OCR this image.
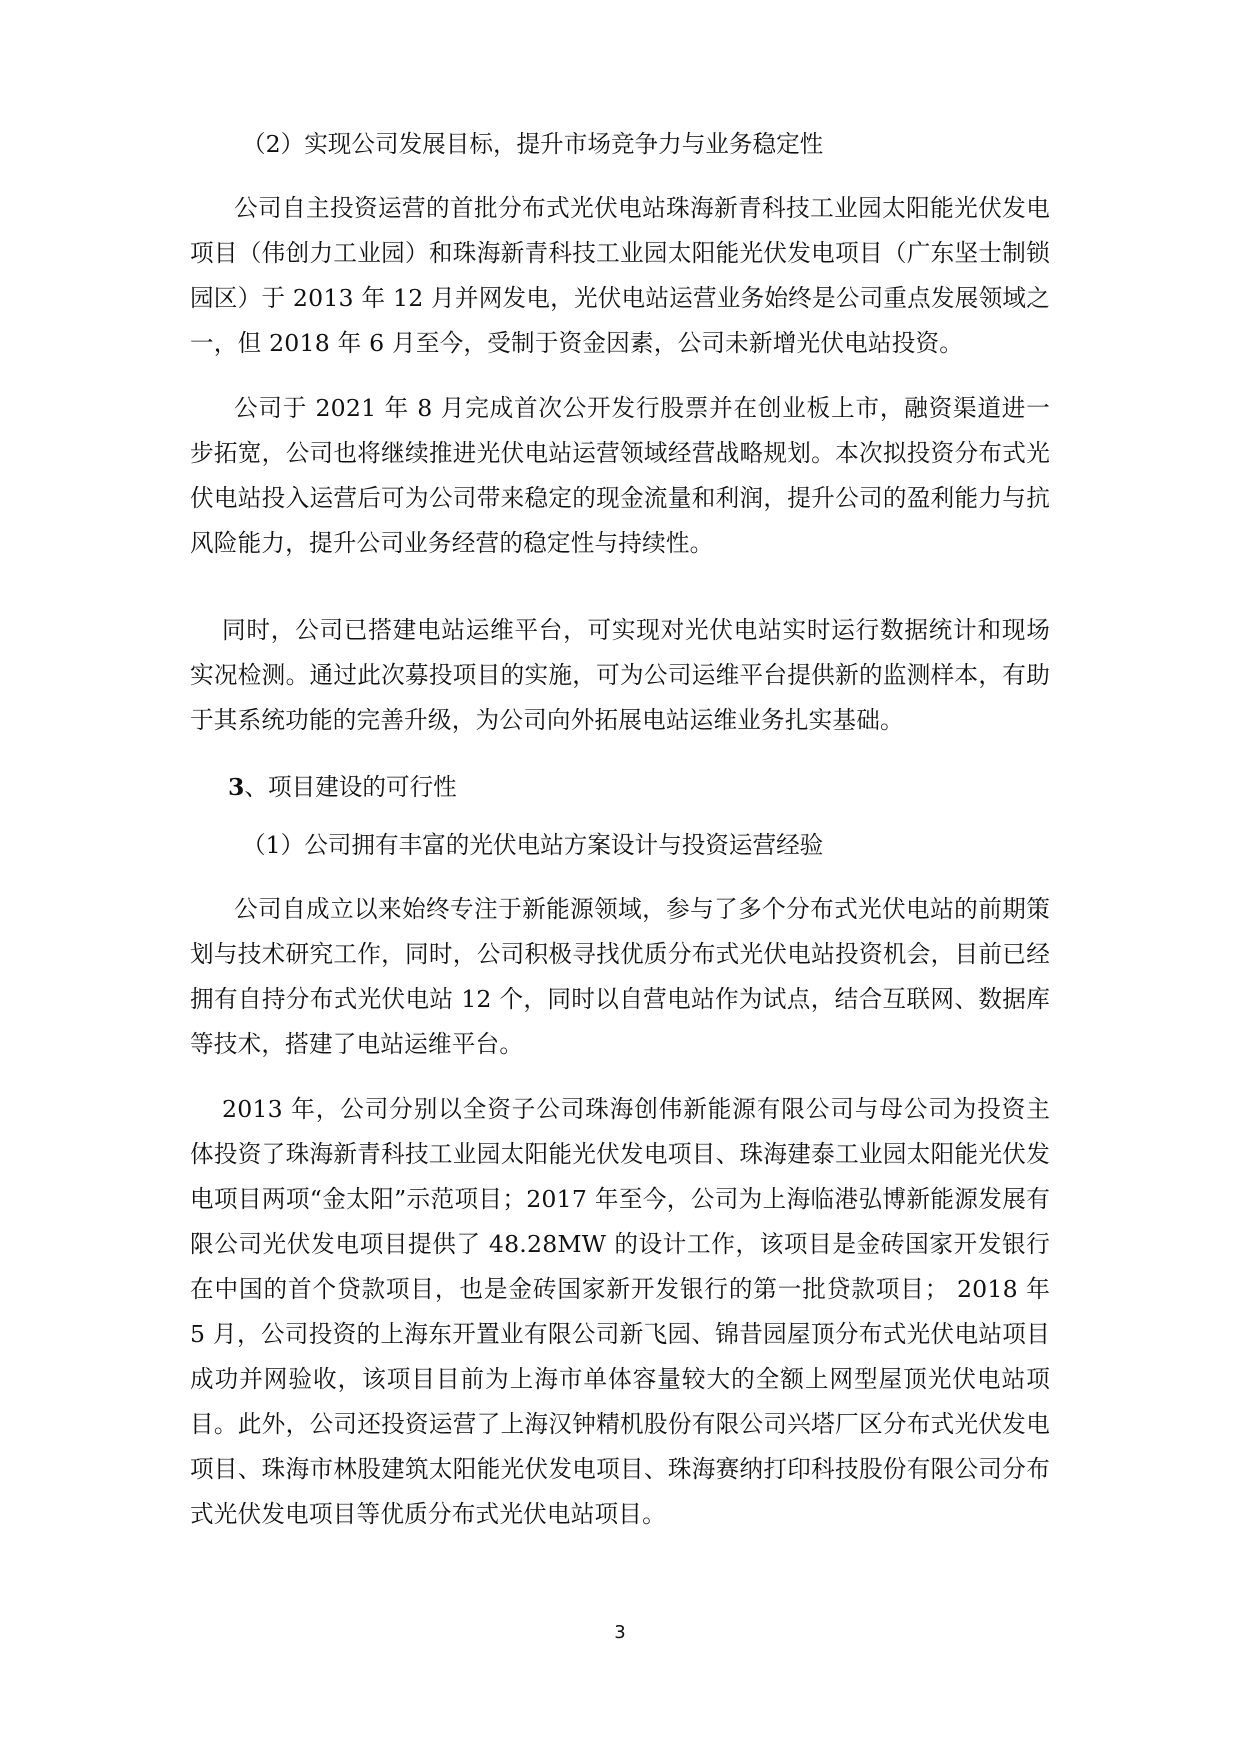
（2）实现公司发展目标，提升市场竞争力与业务稳定性

公司自主投资运营的首批分布式光伏电站珠海新青科技工业园太阳能光伏发电项目（伟创力工业园）和珠海新青科技工业园太阳能光伏发电项目（广东坚士制锁园区）于 2013 年 12 月并网发电，光伏电站运营业务始终是公司重点发展领域之一，但 2018 年 6 月至今，受制于资金因素，公司未新增光伏电站投资。

公司于 2021 年 8 月完成首次公开发行股票并在创业板上市，融资渠道进一步拓宽，公司也将继续推进光伏电站运营领域经营战略规划。本次拟投资分布式光伏电站投入运营后可为公司带来稳定的现金流量和利润，提升公司的盈利能力与抗风险能力，提升公司业务经营的稳定性与持续性。

同时，公司已搭建电站运维平台，可实现对光伏电站实时运行数据统计和现场实况检测。通过此次募投项目的实施，可为公司运维平台提供新的监测样本，有助于其系统功能的完善升级，为公司向外拓展电站运维业务扎实基础。

3、项目建设的可行性

（1）公司拥有丰富的光伏电站方案设计与投资运营经验

公司自成立以来始终专注于新能源领域，参与了多个分布式光伏电站的前期策划与技术研究工作，同时，公司积极寻找优质分布式光伏电站投资机会，目前已经拥有自持分布式光伏电站 12 个，同时以自营电站作为试点，结合互联网、数据库等技术，搭建了电站运维平台。

2013 年，公司分别以全资子公司珠海创伟新能源有限公司与母公司为投资主体投资了珠海新青科技工业园太阳能光伏发电项目、珠海建泰工业园太阳能光伏发电项目两项“金太阳”示范项目；2017 年至今，公司为上海临港弘博新能源发展有限公司光伏发电项目提供了 48.28MW 的设计工作，该项目是金砖国家开发银行在中国的首个贷款项目，也是金砖国家新开发银行的第一批贷款项目； 2018 年 5 月，公司投资的上海东开置业有限公司新飞园、锦昔园屋顶分布式光伏电站项目成功并网验收，该项目目前为上海市单体容量较大的全额上网型屋顶光伏电站项目。此外，公司还投资运营了上海汉钟精机股份有限公司兴塔厂区分布式光伏发电项目、珠海市林股建筑太阳能光伏发电项目、珠海赛纳打印科技股份有限公司分布式光伏发电项目等优质分布式光伏电站项目。

3
